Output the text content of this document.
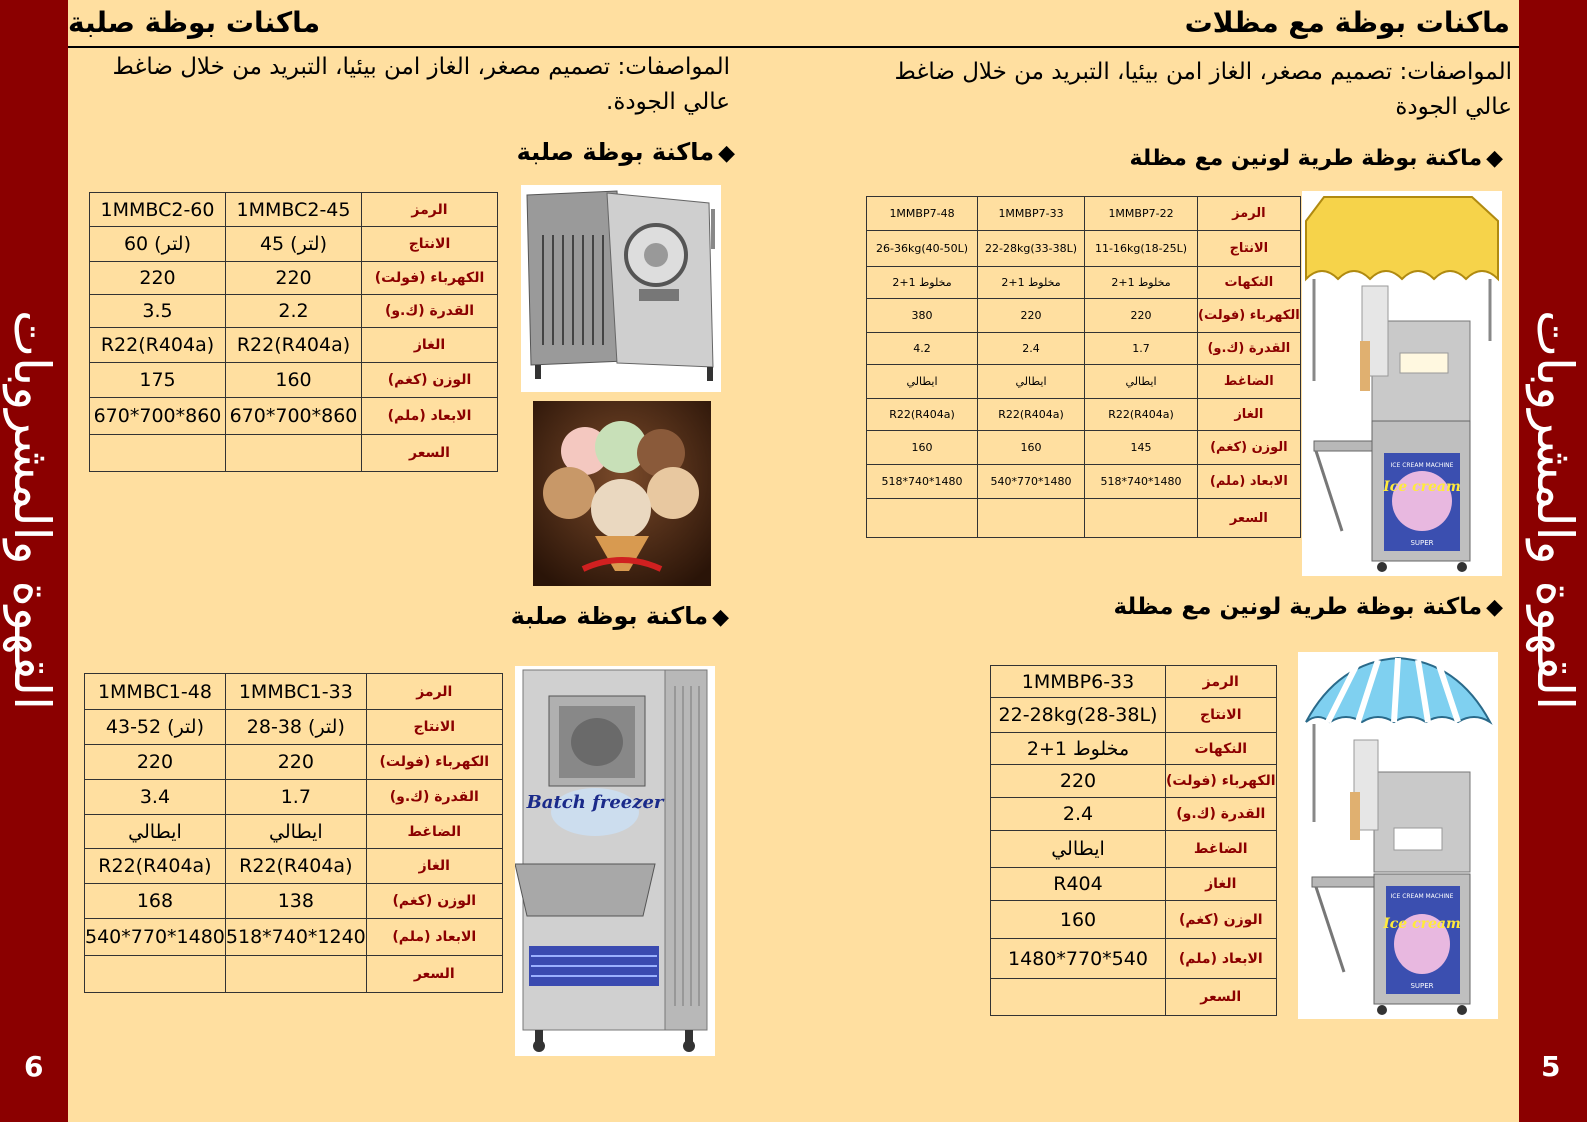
القهوة والمشروبات
6
القهوة والمشروبات
5
ماكنات بوظة مع مظلات
ماكنات بوظة صلبة
المواصفات: تصميم مصغر، الغاز امن بيئيا، التبريد من خلال ضاغط عالي الجودة
المواصفات: تصميم مصغر، الغاز امن بيئيا، التبريد من خلال ضاغط عالي الجودة.
◆ماكنة بوظة طرية لونين مع مظلة
◆ماكنة بوظة طرية لونين مع مظلة
◆ماكنة بوظة صلبة
◆ماكنة بوظة صلبة
1MMBP7-48	1MMBP7-33	1MMBP7-22	الرمز
26-36kg(40-50L)	22-28kg(33-38L)	11-16kg(18-25L)	الانتاج
2+1 مخلوط	2+1 مخلوط	2+1 مخلوط	النكهات
380	220	220	الكهرباء (فولت)
4.2	2.4	1.7	القدرة (ك.و)
ايطالي	ايطالي	ايطالي	الضاغط
R22(R404a)	R22(R404a)	R22(R404a)	الغاز
160	160	145	الوزن (كغم)
518*740*1480	540*770*1480	518*740*1480	الابعاد (ملم)
			السعر
1MMBP6-33	الرمز
22-28kg(28-38L)	الانتاج
2+1 مخلوط	النكهات
220	الكهرباء (فولت)
2.4	القدرة (ك.و)
ايطالي	الضاغط
R404	الغاز
160	الوزن (كغم)
1480*770*540	الابعاد (ملم)
	السعر
1MMBC2-60	1MMBC2-45	الرمز
60 (لتر)	45 (لتر)	الانتاج
220	220	الكهرباء (فولت)
3.5	2.2	القدرة (ك.و)
R22(R404a)	R22(R404a)	الغاز
175	160	الوزن (كغم)
670*700*860	670*700*860	الابعاد (ملم)
		السعر
1MMBC1-48	1MMBC1-33	الرمز
43-52 (لتر)	28-38 (لتر)	الانتاج
220	220	الكهرباء (فولت)
3.4	1.7	القدرة (ك.و)
ايطالي	ايطالي	الضاغط
R22(R404a)	R22(R404a)	الغاز
168	138	الوزن (كغم)
540*770*1480	518*740*1240	الابعاد (ملم)
		السعر
ICE CREAM MACHINE
Ice cream
SUPER
ICE CREAM MACHINE
Ice cream
SUPER
Batch freezer
